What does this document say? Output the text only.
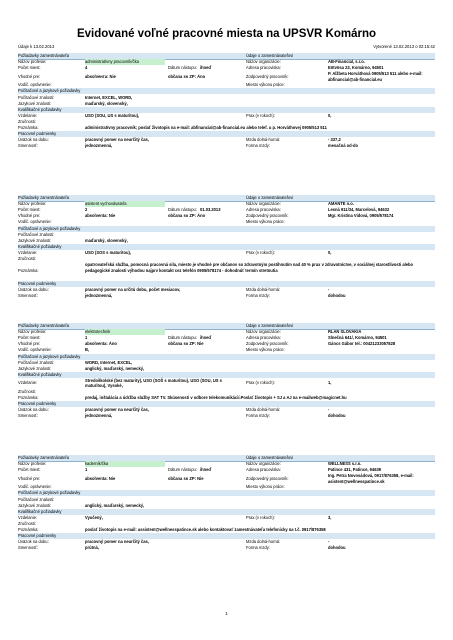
Evidované voľné pracovné miesta na UPSVR Komárno
Údaje k 13.02.2013	Vytvorené 13.02.2013 o 02:15:42
Požiadavky zamestnávateľa	Údaje o zamestnávateľovi
Názov profesie:	administratívny pracovník/čka	Názov organizácie:	AB-Financial, s.r.o.
Počet miest:	4	Dátum nástupu: ihneď	Adresa pracoviska:	Eötvösa 23, Komárno, 94501
Vhodné pre:	absolvента: Nie	občana so ZP: Áno	Zodpovedný pracovník:	P. Alžbeta Horváthová 0905/513 511 alebo e-mail: abfinancial@ab-financial.eu
Vodič. oprávnenie:	Miesto výkonu práce:
Počítačové a jazykové požiadavky
Počítačové znalosti:	Internet, EXCEL, WORD,
Jazykové znalosti:	maďarský, slovenský,
Kvalifikačné požiadavky
Vzdelanie:	USO (SOU, US s maturitou),	Prax (v rokoch):	0,
Zručnosti:
Poznámka:	administratívny pracovník; poslať životopis na e-mail: abfinancial@ab-financial.eu alebo telef. u p. Horváthovej 0905/513 511
Pracovné podmienky
Úväzok na dobu:	pracovný pomer na neurčitý čas,	Mzda dolná-horná:	- 337,2
Smennosť:	jednozmenná,	Forma mzdy:	mesačná od-do
Požiadavky zamestnávateľa	Údaje o zamestnávateľovi
Názov profesie:	asistent vychovávateľa	Názov organizácie:	AMANTE n.o.
Počet miest:	2	Dátum nástupu: 01.03.2013	Adresa pracoviska:	Lesná 911/34, Marcelová, 94632
Vhodné pre:	absolventa: Nie	občana so ZP: Áno	Zodpovedný pracovník:	Mgr. Kristína Vidová, 0905/578174
Vodič. oprávnenie:	Miesto výkonu práce:
Počítačové a jazykové požiadavky
Počítačové znalosti:
Jazykové znalosti:	maďarský, slovenský,
Kvalifikačné požiadavky
Vzdelanie:	USO (SOS s maturitou),	Prax (v rokoch):	0,
Zručnosti:
Poznámka:
opatrovateľská služba, pomocná pracovná sila, miesto je vhodné pre občanov so zdravotným postihnutím nad 40 % prax v zdravotníctve, v sociálnej starostlivosti alebo pedagogické znalosti výhodou najprv kontakt cez telefón 0905/578174 - dohodnúť termín stretnutia
Pracovné podmienky
Úväzok na dobu:	pracovný pomer na určitú dobu, počet mesiacov,	Mzda dolná-horná:	-
Smennosť:	jednozmenná,	Forma mzdy:	dohodou
Požiadavky zamestnávateľa	Údaje o zamestnávateľovi
Názov profesie:	elektrotechnik	Názov organizácie:	RLAN SLOVAKIA
Počet miest:	1	Dátum nástupu: ihneď	Adresa pracoviska:	Slnečná 641/, Komárno, 94501
Vhodné pre:	absolventa: Áno	občana so ZP: Nie	Zodpovedný pracovník:	Gáncs Gábor tel.: 00421233057828
Vodič. oprávnenie:	B,	Miesto výkonu práce:
Počítačové a jazykové požiadavky
Počítačové znalosti:	WORD, Internet, EXCEL,
Jazykové znalosti:	anglický, maďarský, nemecký,
Kvalifikačné požiadavky
Vzdelanie:	Stredoškolské (bez maturity), USO (SOŠ s maturitou), USO (SOU, US s maturitou), Vysoké,
Prax (v rokoch):	1,
Zručnosti:
Poznámka:	predaj, inštalácia a údržba služby SAT TV. Skúsenosti v odbore telekomunikácií.Poslať životopis + SJ a AJ na e-mailweb@magicnet.hu
Pracovné podmienky
Úväzok na dobu:	pracovný pomer na neurčitý čas,	Mzda dolná-horná:	-
Smennosť:	jednozmenná,	Forma mzdy:	dohodou
Požiadavky zamestnávateľa	Údaje o zamestnávateľovi
Názov profesie:	kaderník/čka	Názov organizácie:	WELLNESS s.r.o.
Počet miest:	1	Dátum nástupu: ihneď	Adresa pracoviska:	Patince 431, Patince, 94639
Vhodné pre:	absolventa: Nie	občana so ZP: Nie	Zodpovedný pracovník:	Ing. Petra Novosádová, 0917/876358, e-mail: asistent@wellnesspatince.sk
Vodič. oprávnenie:	Miesto výkonu práce:
Počítačové a jazykové požiadavky
Počítačové znalosti:
Jazykové znalosti:	anglický, maďarský, nemecký,
Kvalifikačné požiadavky
Vzdelanie:	Vyučený,	Prax (v rokoch):	3,
Zručnosti:
Poznámka:	poslať životopis na e-mail: assistent@wellnesspatince.sk alebo kontaktovať zamestnávateľa telefonicky na t.č. 0917/876358
Pracovné podmienky
Úväzok na dobu:	pracovný pomer na neurčitý čas,	Mzda dolná-horná:	-
Smennosť:	prútná,	Forma mzdy:	dohodou
1
